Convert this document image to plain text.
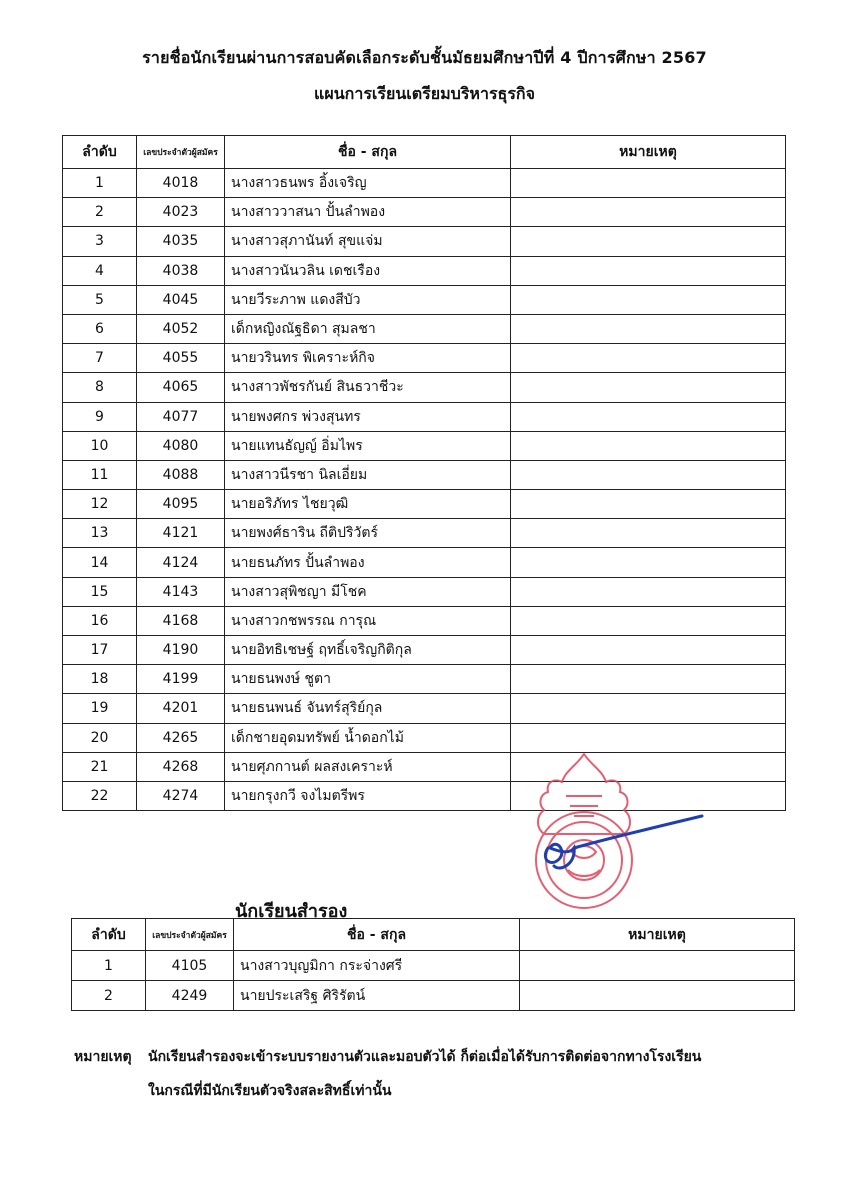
รายชื่อนักเรียนผ่านการสอบคัดเลือกระดับชั้นมัธยมศึกษาปีที่ 4 ปีการศึกษา 2567
แผนการเรียนเตรียมบริหารธุรกิจ
ลำดับ	เลขประจำตัวผู้สมัคร	ชื่อ - สกุล	หมายเหตุ
1	4018	นางสาวธนพร อิ้งเจริญ	
2	4023	นางสาววาสนา ปั้นลำพอง	
3	4035	นางสาวสุภานันท์ สุขแจ่ม	
4	4038	นางสาวนันวลิน เดชเรือง	
5	4045	นายวีระภาพ แดงสีบัว	
6	4052	เด็กหญิงณัฐธิดา สุมลชา	
7	4055	นายวรินทร พิเคราะห์กิจ	
8	4065	นางสาวพัชรกันย์ สินธวาชีวะ	
9	4077	นายพงศกร พ่วงสุนทร	
10	4080	นายแทนธัญญ์ อิ่มไพร	
11	4088	นางสาวนีรชา นิลเอี่ยม	
12	4095	นายอริภัทร ไชยวุฒิ	
13	4121	นายพงศ์ธาริน ถีติปริวัตร์	
14	4124	นายธนภัทร ปั้นลำพอง	
15	4143	นางสาวสุพิชญา มีโชค	
16	4168	นางสาวกชพรรณ การุณ	
17	4190	นายอิทธิเชษฐ์ ฤทธิ์เจริญกิติกุล	
18	4199	นายธนพงษ์ ชูตา	
19	4201	นายธนพนธ์ จันทร์สุริย์กุล	
20	4265	เด็กชายอุดมทรัพย์ น้ำดอกไม้	
21	4268	นายศุภกานต์ ผลสงเคราะห์	
22	4274	นายกรุงกวี จงไมตรีพร	
นักเรียนสำรอง
ลำดับ	เลขประจำตัวผู้สมัคร	ชื่อ - สกุล	หมายเหตุ
1	4105	นางสาวบุญมิกา กระจ่างศรี	
2	4249	นายประเสริฐ ศิริรัตน์	
หมายเหตุ	นักเรียนสำรองจะเข้าระบบรายงานตัวและมอบตัวได้ ก็ต่อเมื่อได้รับการติดต่อจากทางโรงเรียน
ในกรณีที่มีนักเรียนตัวจริงสละสิทธิ์เท่านั้น
